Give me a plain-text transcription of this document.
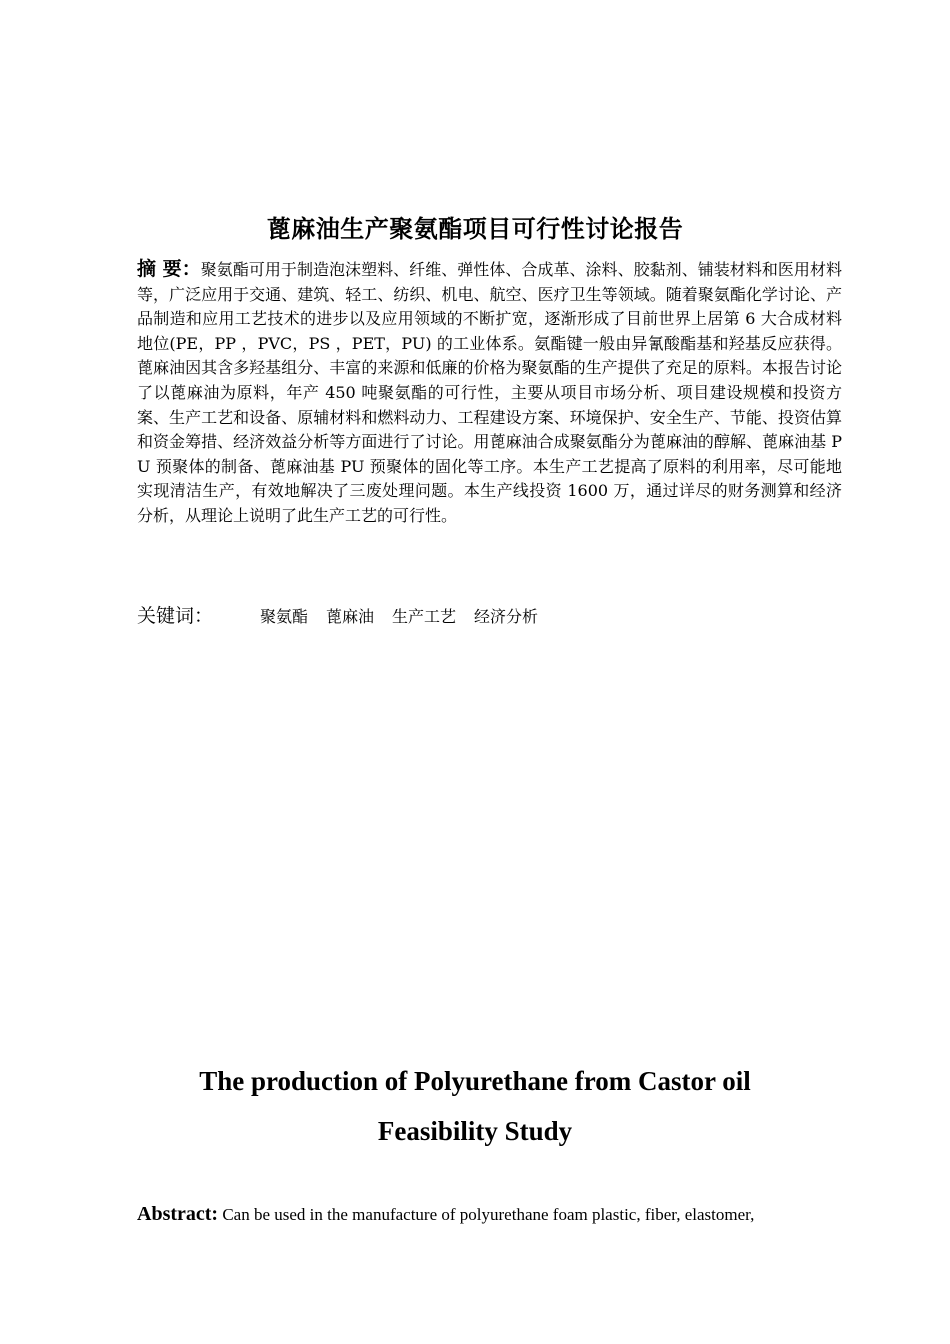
蓖麻油生产聚氨酯项目可行性讨论报告
摘 要：聚氨酯可用于制造泡沫塑料、纤维、弹性体、合成革、涂料、胶黏剂、铺装材料和医用材料等，广泛应用于交通、建筑、轻工、纺织、机电、航空、医疗卫生等领域。随着聚氨酯化学讨论、产品制造和应用工艺技术的进步以及应用领域的不断扩宽，逐渐形成了目前世界上居第 6 大合成材料地位(PE，PP ，PVC，PS ，PET，PU) 的工业体系。氨酯键一般由异氰酸酯基和羟基反应获得。蓖麻油因其含多羟基组分、丰富的来源和低廉的价格为聚氨酯的生产提供了充足的原料。本报告讨论了以蓖麻油为原料，年产 450 吨聚氨酯的可行性，主要从项目市场分析、项目建设规模和投资方案、生产工艺和设备、原辅材料和燃料动力、工程建设方案、环境保护、安全生产、节能、投资估算和资金筹措、经济效益分析等方面进行了讨论。用蓖麻油合成聚氨酯分为蓖麻油的醇解、蓖麻油基 PU 预聚体的制备、蓖麻油基 PU 预聚体的固化等工序。本生产工艺提高了原料的利用率，尽可能地实现清洁生产，有效地解决了三废处理问题。本生产线投资 1600 万，通过详尽的财务测算和经济分析，从理论上说明了此生产工艺的可行性。
关键词：	聚氨酯 蓖麻油 生产工艺 经济分析
The production of Polyurethane from Castor oil
Feasibility Study
Abstract: Can be used in the manufacture of polyurethane foam plastic, fiber, elastomer,
